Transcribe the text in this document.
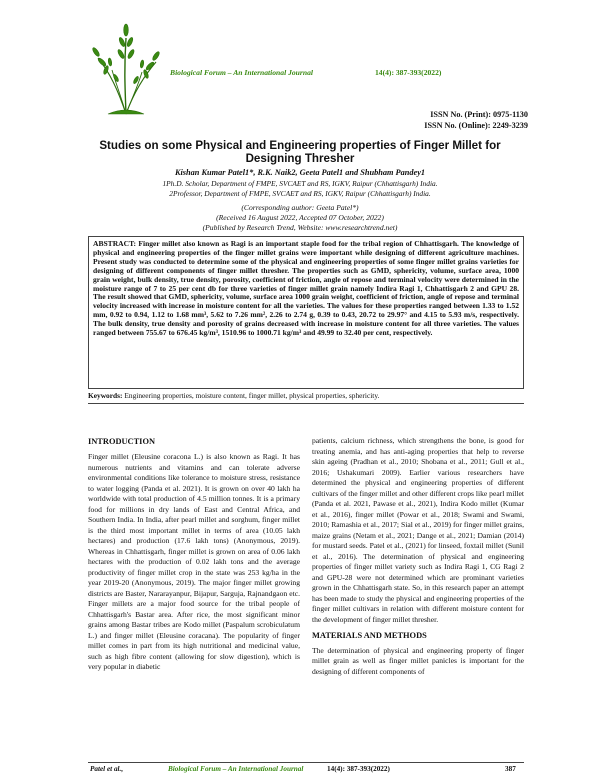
Biological Forum – An International Journal	14(4): 387-393(2022)
ISSN No. (Print): 0975-1130
ISSN No. (Online): 2249-3239
Studies on some Physical and Engineering properties of Finger Millet for Designing Thresher
Kishan Kumar Patel1*, R.K. Naik2, Geeta Patel1 and Shubham Pandey1
1Ph.D. Scholar, Department of FMPE, SVCAET and RS, IGKV, Raipur (Chhattisgarh) India.
2Professor, Department of FMPE, SVCAET and RS, IGKV, Raipur (Chhattisgarh) India.
(Corresponding author: Geeta Patel*)
(Received 16 August 2022, Accepted 07 October, 2022)
(Published by Research Trend, Website: www.researchtrend.net)

ABSTRACT: Finger millet also known as Ragi is an important staple food for the tribal region of Chhattisgarh. The knowledge of physical and engineering properties of the finger millet grains were important while designing of different agriculture machines. Present study was conducted to determine some of the physical and engineering properties of some finger millet grains varieties for designing of different components of finger millet thresher. The properties such as GMD, sphericity, volume, surface area, 1000 grain weight, bulk density, true density, porosity, coefficient of friction, angle of repose and terminal velocity were determined in the moisture range of 7 to 25 per cent db for three varieties of finger millet grain namely Indira Ragi 1, Chhattisgarh 2 and GPU 28. The result showed that GMD, sphericity, volume, surface area 1000 grain weight, coefficient of friction, angle of repose and terminal velocity increased with increase in moisture content for all the varieties. The values for these properties ranged between 1.33 to 1.52 mm, 0.92 to 0.94, 1.12 to 1.68 mm³, 5.62 to 7.26 mm², 2.26 to 2.74 g, 0.39 to 0.43, 20.72 to 29.97° and 4.15 to 5.93 m/s, respectively. The bulk density, true density and porosity of grains decreased with increase in moisture content for all three varieties. The values ranged between 755.67 to 676.45 kg/m³, 1510.96 to 1000.71 kg/m³ and 49.99 to 32.40 per cent, respectively.

Keywords: Engineering properties, moisture content, finger millet, physical properties, sphericity.
INTRODUCTION

Finger millet (Eleusine coracona L.) is also known as Ragi. It has numerous nutrients and vitamins and can tolerate adverse environmental conditions like tolerance to moisture stress, resistance to water logging (Panda et al. 2021). It is grown on over 40 lakh ha worldwide with total production of 4.5 million tonnes. It is a primary food for millions in dry lands of East and Central Africa, and Southern India. In India, after pearl millet and sorghum, finger millet is the third most important millet in terms of area (10.05 lakh hectares) and production (17.6 lakh tons) (Anonymous, 2019). Whereas in Chhattisgarh, finger millet is grown on area of 0.06 lakh hectares with the production of 0.02 lakh tons and the average productivity of finger millet crop in the state was 253 kg/ha in the year 2019-20 (Anonymous, 2019). The major finger millet growing districts are Baster, Nararayanpur, Bijapur, Sarguja, Rajnandgaon etc. Finger millets are a major food source for the tribal people of Chhattisgarh's Bastar area. After rice, the most significant minor grains among Bastar tribes are Kodo millet (Paspalum scrobiculatum L.) and finger millet (Eleusine coracana). The popularity of finger millet comes in part from its high nutritional and medicinal value, such as high fibre content (allowing for slow digestion), which is very popular in diabetic

patients, calcium richness, which strengthens the bone, is good for treating anemia, and has anti-aging properties that help to reverse skin ageing (Pradhan et al., 2010; Shobana et al., 2011; Gull et al., 2016; Ushakumari 2009). Earlier various researchers have determined the physical and engineering properties of different cultivars of the finger millet and other different crops like pearl millet (Panda et al. 2021, Pawase et al., 2021), Indira Kodo millet (Kumar et al., 2016), finger millet (Powar et al., 2018; Swami and Swami, 2010; Ramashia et al., 2017; Sial et al., 2019) for finger millet grains, maize grains (Netam et al., 2021; Dange et al., 2021; Damian (2014) for mustard seeds. Patel et al., (2021) for linseed, foxtail millet (Sunil et al., 2016). The determination of physical and engineering properties of finger millet variety such as Indira Ragi 1, CG Ragi 2 and GPU-28 were not determined which are prominant varieties grown in the Chhattisgarh state. So, in this research paper an attempt has been made to study the physical and engineering properties of the finger millet cultivars in relation with different moisture content for the development of finger millet thresher.

MATERIALS AND METHODS

The determination of physical and engineering property of finger millet grain as well as finger millet panicles is important for the designing of different components of

Patel et al.,	Biological Forum – An International Journal	14(4): 387-393(2022)	387
